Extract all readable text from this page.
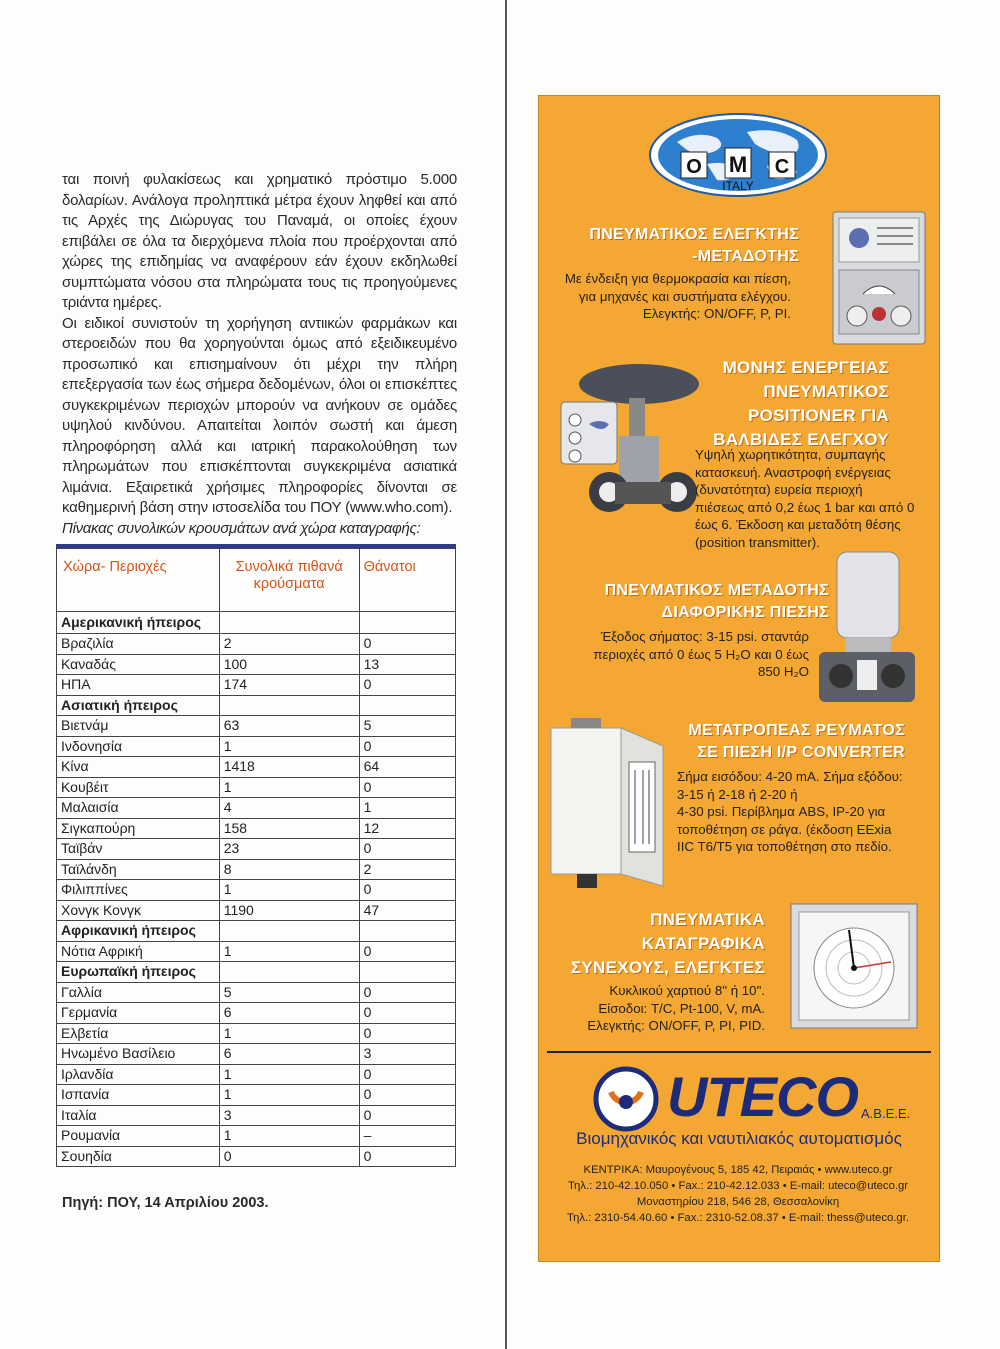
ται ποινή φυλακίσεως και χρηματικό πρόστιμο 5.000 δολαρίων. Ανάλογα προληπτικά μέτρα έχουν ληφθεί και από τις Αρχές της Διώρυγας του Παναμά, οι οποίες έχουν επιβάλει σε όλα τα διερχόμενα πλοία που προέρχονται από χώρες της επιδημίας να αναφέρουν εάν έχουν εκδηλωθεί συμπτώματα νόσου στα πληρώματα τους τις προηγούμενες τριάντα ημέρες.

Οι ειδικοί συνιστούν τη χορήγηση αντιικών φαρμάκων και στεροειδών που θα χορηγούνται όμως από εξειδικευμένο προσωπικό και επισημαίνουν ότι μέχρι την πλήρη επεξεργασία των έως σήμερα δεδομένων, όλοι οι επισκέπτες συγκεκριμένων περιοχών μπορούν να ανήκουν σε ομάδες υψηλού κινδύνου. Απαιτείται λοιπόν σωστή και άμεση πληροφόρηση αλλά και ιατρική παρακολούθηση των πληρωμάτων που επισκέπτονται συγκεκριμένα ασιατικά λιμάνια. Εξαιρετικά χρήσιμες πληροφορίες δίνονται σε καθημερινή βάση στην ιστοσελίδα του ΠΟΥ (www.who.com).

Πίνακας συνολικών κρουσμάτων ανά χώρα καταγραφής:
Χώρα- Περιοχές	Συνολικά πιθανά κρούσματα	Θάνατοι
Αμερικανική ήπειρος		
Βραζιλία	2	0
Καναδάς	100	13
ΗΠΑ	174	0
Ασιατική ήπειρος		
Βιετνάμ	63	5
Ινδονησία	1	0
Κίνα	1418	64
Κουβέιτ	1	0
Μαλαισία	4	1
Σιγκαπούρη	158	12
Ταϊβάν	23	0
Ταϊλάνδη	8	2
Φιλιππίνες	1	0
Χονγκ Κονγκ	1190	47
Αφρικανική ήπειρος		
Νότια Αφρική	1	0
Ευρωπαϊκή ήπειρος		
Γαλλία	5	0
Γερμανία	6	0
Ελβετία	1	0
Ηνωμένο Βασίλειο	6	3
Ιρλανδία	1	0
Ισπανία	1	0
Ιταλία	3	0
Ρουμανία	1	–
Σουηδία	0	0
Πηγή: ΠΟΥ, 14 Απριλίου 2003.
O M C
ITALY
ΠΝΕΥΜΑΤΙΚΟΣ ΕΛΕΓΚΤΗΣ
-ΜΕΤΑΔΟΤΗΣ
Με ένδειξη για θερμοκρασία και πίεση,
για μηχανές και συστήματα ελέγχου.
Ελεγκτής: ON/OFF, P, PI.
ΜΟΝΗΣ ΕΝΕΡΓΕΙΑΣ
ΠΝΕΥΜΑΤΙΚΟΣ
POSITIONER ΓΙΑ
ΒΑΛΒΙΔΕΣ ΕΛΕΓΧΟΥ
Υψηλή χωρητικότητα, συμπαγής
κατασκευή. Αναστροφή ενέργειας
(δυνατότητα) ευρεία περιοχή
πιέσεως από 0,2 έως 1 bar και από 0
έως 6. Έκδοση και μεταδότη θέσης
(position transmitter).
ΠΝΕΥΜΑΤΙΚΟΣ ΜΕΤΑΔΟΤΗΣ
ΔΙΑΦΟΡΙΚΗΣ ΠΙΕΣΗΣ
Έξοδος σήματος: 3-15 psi. σταντάρ
περιοχές από 0 έως 5 H₂O και 0 έως
850 H₂O
ΜΕΤΑΤΡΟΠΕΑΣ ΡΕΥΜΑΤΟΣ
ΣΕ ΠΙΕΣΗ I/P CONVERTER
Σήμα εισόδου: 4-20 mA. Σήμα εξόδου:
3-15 ή 2-18 ή 2-20 ή
4-30 psi. Περίβλημα ABS, IP-20 για
τοποθέτηση σε ράγα. (έκδοση EExia
IIC T6/T5 για τοποθέτηση στο πεδίο.
ΠΝΕΥΜΑΤΙΚΑ
ΚΑΤΑΓΡΑΦΙΚΑ
ΣΥΝΕΧΟΥΣ, ΕΛΕΓΚΤΕΣ
Κυκλικού χαρτιού 8" ή 10".
Είσοδοι: T/C, Pt-100, V, mA.
Ελεγκτής: ON/OFF, P, PI, PID.
UTECO Α.Β.Ε.Ε.
Βιομηχανικός και ναυτιλιακός αυτοματισμός
ΚΕΝΤΡΙΚΑ: Μαυρογένους 5, 185 42, Πειραιάς • www.uteco.gr
Τηλ.: 210-42.10.050 • Fax.: 210-42.12.033 • E-mail: uteco@uteco.gr
Μοναστηρίου 218, 546 28, Θεσσαλονίκη
Τηλ.: 2310-54.40.60 • Fax.: 2310-52.08.37 • E-mail: thess@uteco.gr.
